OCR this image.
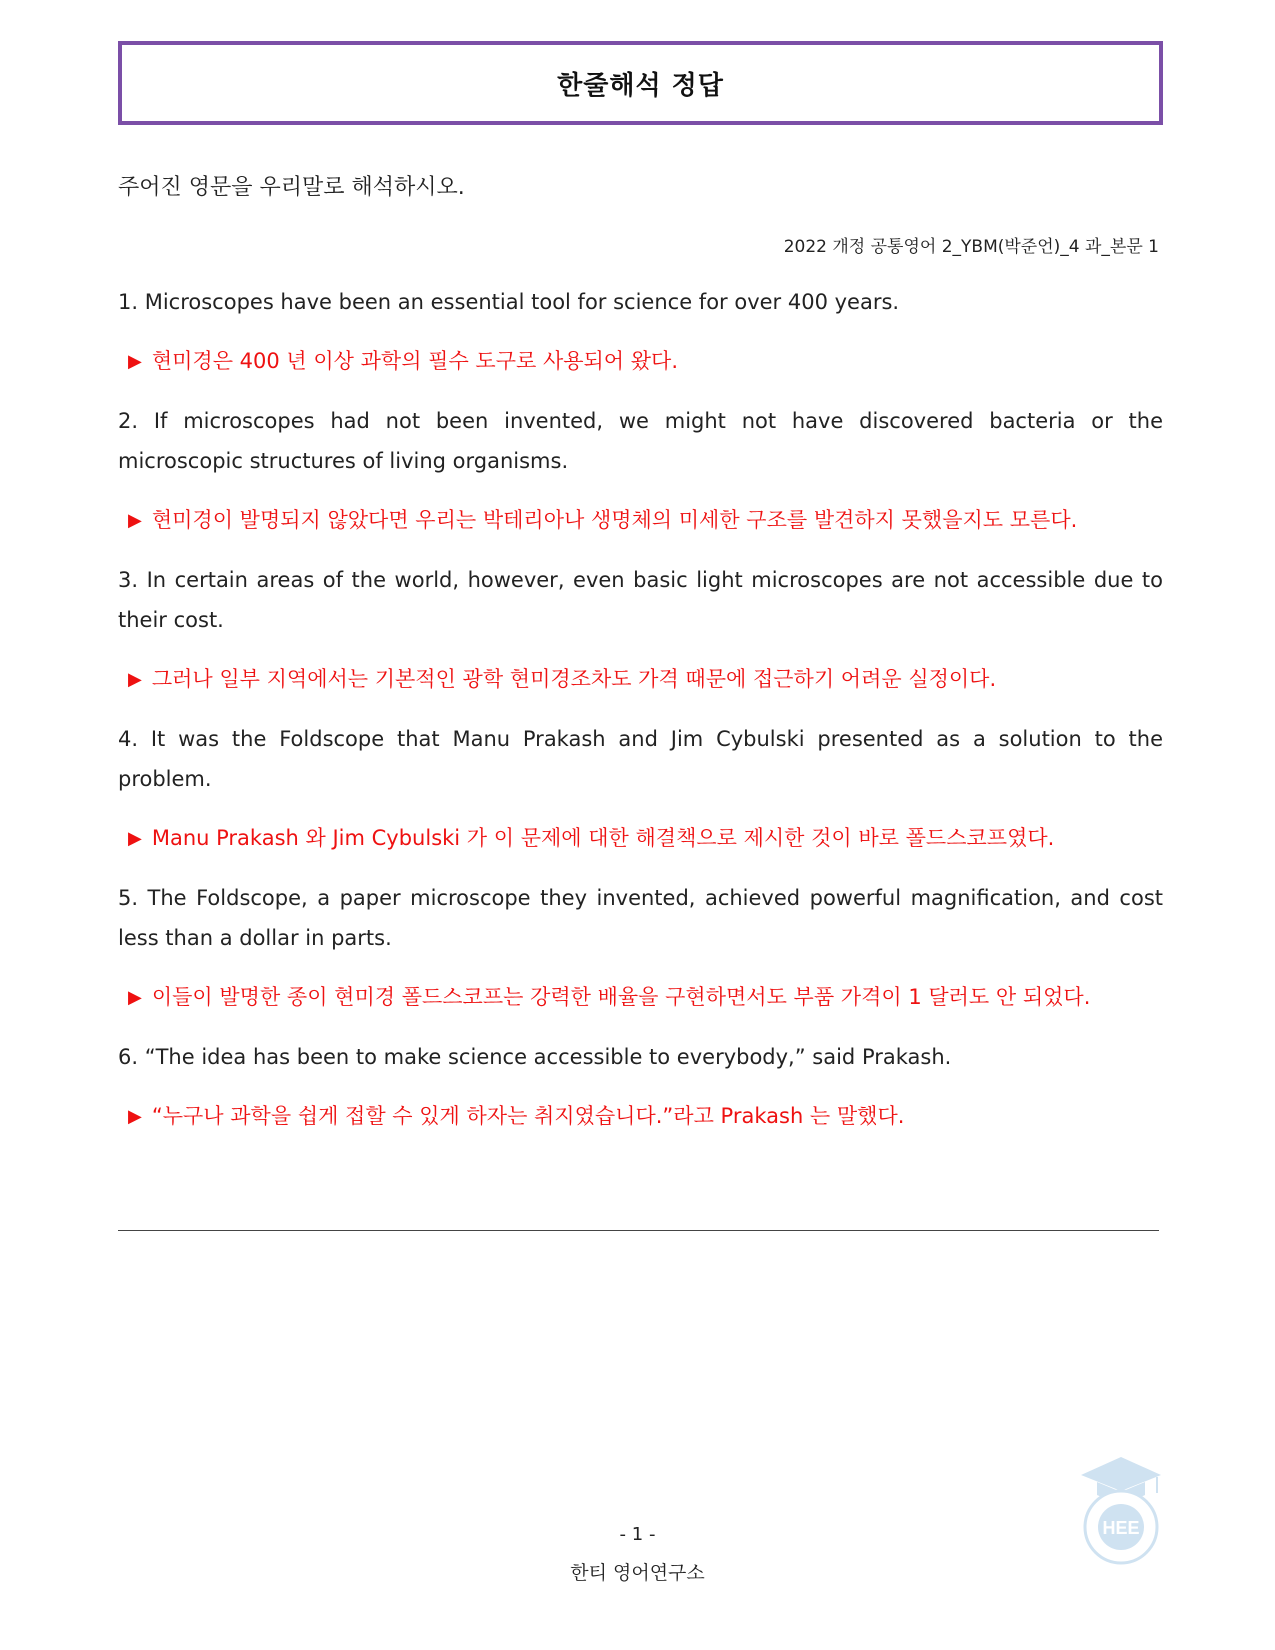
한줄해석 정답
주어진 영문을 우리말로 해석하시오.
2022 개정 공통영어 2_YBM(박준언)_4 과_본문 1
1. Microscopes have been an essential tool for science for over 400 years.
▶ 현미경은 400 년 이상 과학의 필수 도구로 사용되어 왔다.
2. If microscopes had not been invented, we might not have discovered bacteria or the microscopic structures of living organisms.
▶ 현미경이 발명되지 않았다면 우리는 박테리아나 생명체의 미세한 구조를 발견하지 못했을지도 모른다.
3. In certain areas of the world, however, even basic light microscopes are not accessible due to their cost.
▶ 그러나 일부 지역에서는 기본적인 광학 현미경조차도 가격 때문에 접근하기 어려운 실정이다.
4. It was the Foldscope that Manu Prakash and Jim Cybulski presented as a solution to the problem.
▶ Manu Prakash 와 Jim Cybulski 가 이 문제에 대한 해결책으로 제시한 것이 바로 폴드스코프였다.
5. The Foldscope, a paper microscope they invented, achieved powerful magnification, and cost less than a dollar in parts.
▶ 이들이 발명한 종이 현미경 폴드스코프는 강력한 배율을 구현하면서도 부품 가격이 1 달러도 안 되었다.
6. “The idea has been to make science accessible to everybody,” said Prakash.
▶ “누구나 과학을 쉽게 접할 수 있게 하자는 취지였습니다.”라고 Prakash 는 말했다.
HEE
- 1 -
한티 영어연구소
